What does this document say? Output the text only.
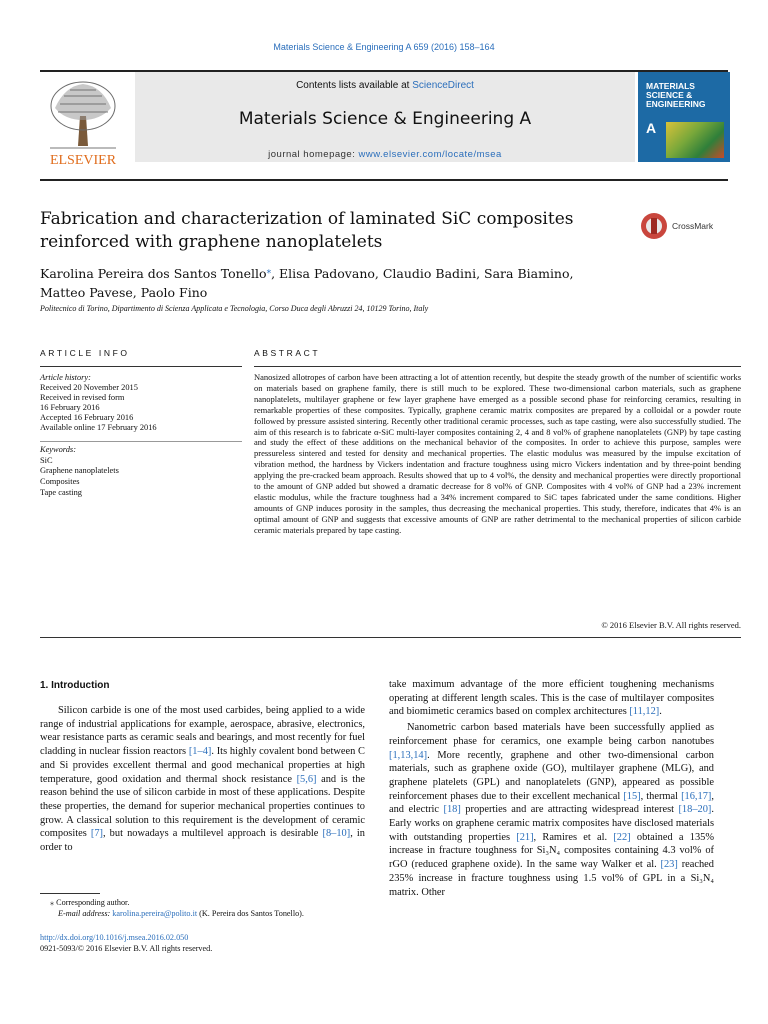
Materials Science & Engineering A 659 (2016) 158–164
ELSEVIER
Contents lists available at ScienceDirect
Materials Science & Engineering A
journal homepage: www.elsevier.com/locate/msea
MATERIALS SCIENCE & ENGINEERING
A
Fabrication and characterization of laminated SiC composites reinforced with graphene nanoplatelets
CrossMark
Karolina Pereira dos Santos Tonello⁎, Elisa Padovano, Claudio Badini, Sara Biamino,
Matteo Pavese, Paolo Fino
Politecnico di Torino, Dipartimento di Scienza Applicata e Tecnologia, Corso Duca degli Abruzzi 24, 10129 Torino, Italy
ARTICLE INFO	ABSTRACT
Article history:
Received 20 November 2015
Received in revised form
16 February 2016
Accepted 16 February 2016
Available online 17 February 2016
Keywords:
SiC
Graphene nanoplatelets
Composites
Tape casting
Nanosized allotropes of carbon have been attracting a lot of attention recently, but despite the steady growth of the number of scientific works on materials based on graphene family, there is still much to be explored. These two-dimensional carbon materials, such as graphene nanoplatelets, multilayer graphene or few layer graphene have emerged as a possible second phase for reinforcing ceramics, resulting in remarkable properties of these composites. Typically, graphene ceramic matrix composites are prepared by a colloidal or a powder route followed by pressure assisted sintering. Recently other traditional ceramic processes, such as tape casting, were also successfully studied. The aim of this research is to fabricate α-SiC multi-layer composites containing 2, 4 and 8 vol% of graphene nanoplatelets (GNP) by tape casting and study the effect of these additions on the mechanical behavior of the composites. In order to achieve this purpose, samples were pressureless sintered and tested for density and mechanical properties. The elastic modulus was measured by the impulse excitation of vibration method, the hardness by Vickers indentation and fracture toughness using micro Vickers indentation and by three-point bending applying the pre-cracked beam approach. Results showed that up to 4 vol%, the density and mechanical properties were directly proportional to the amount of GNP added but showed a dramatic decrease for 8 vol% of GNP. Composites with 4 vol% of GNP had a 23% increment elastic modulus, while the fracture toughness had a 34% increment compared to SiC tapes fabricated under the same conditions. Higher amounts of GNP induces porosity in the samples, thus decreasing the mechanical properties. This study, therefore, indicates that 4% is an optimal amount of GNP and suggests that excessive amounts of GNP are rather detrimental to the mechanical properties of silicon carbide ceramic materials prepared by tape casting.
© 2016 Elsevier B.V. All rights reserved.
1. Introduction

Silicon carbide is one of the most used carbides, being applied to a wide range of industrial applications for example, aerospace, abrasive, electronics, wear resistance parts as ceramic seals and bearings, and most recently for fuel cladding in nuclear fission reactors [1–4]. Its highly covalent bond between C and Si provides excellent thermal and good mechanical properties at high temperature, good oxidation and thermal shock resistance [5,6] and is the reason behind the use of silicon carbide in most of these applications. Despite these properties, the demand for superior mechanical properties continues to grow. A classical solution to this requirement is the development of ceramic composites [7], but nowadays a multilevel approach is desirable [8–10], in order to

take maximum advantage of the more efficient toughening mechanisms operating at different length scales. This is the case of multilayer composites and biomimetic ceramics based on complex architectures [11,12].

Nanometric carbon based materials have been successfully applied as reinforcement phase for ceramics, one example being carbon nanotubes [1,13,14]. More recently, graphene and other two-dimensional carbon materials, such as graphene oxide (GO), multilayer graphene (MLG), and graphene platelets (GPL) and nanoplatelets (GNP), appeared as possible reinforcement phases due to their excellent mechanical [15], thermal [16,17], and electric [18] properties and are attracting widespread interest [18–20]. Early works on graphene ceramic matrix composites have disclosed materials with outstanding properties [21], Ramires et al. [22] obtained a 135% increase in fracture toughness for Si₃N₄ composites containing 4.3 vol% of rGO (reduced graphene oxide). In the same way Walker et al. [23] reached 235% increase in fracture toughness using 1.5 vol% of GPL in a Si₃N₄ matrix. Other

⁎ Corresponding author.
E-mail address: karolina.pereira@polito.it (K. Pereira dos Santos Tonello).
http://dx.doi.org/10.1016/j.msea.2016.02.050
0921-5093/© 2016 Elsevier B.V. All rights reserved.
